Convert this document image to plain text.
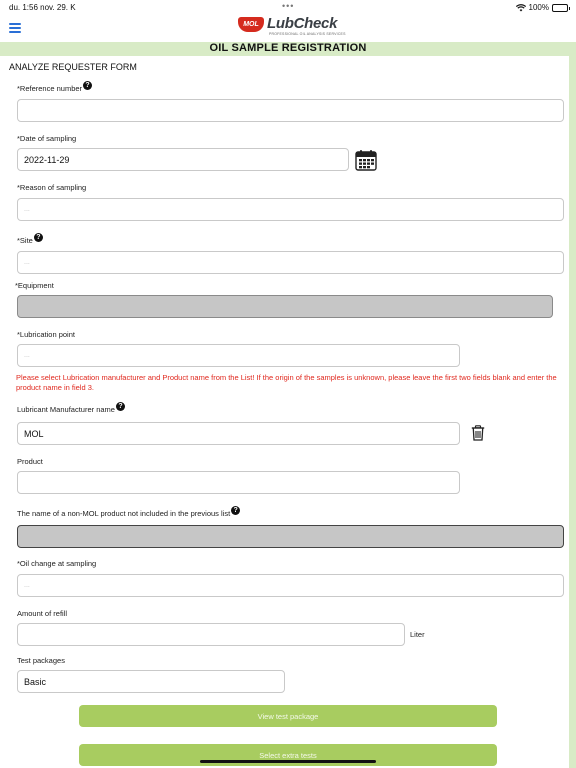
du. 1:56 nov. 29. K	•••	100%
MOL LubCheck
PROFESSIONAL OIL ANALYSIS SERVICES
OIL SAMPLE REGISTRATION
ANALYZE REQUESTER FORM
*Reference number ?
*Date of sampling
2022-11-29
*Reason of sampling
...
*Site ?
...
*Equipment
*Lubrication point
...
Please select Lubrication manufacturer and Product name from the List! If the origin of the samples is unknown, please leave the first two fields blank and enter the product name in field 3.
Lubricant Manufacturer name ?
MOL
Product
The name of a non-MOL product not included in the previous list ?
*Oil change at sampling
...
Amount of refill
Liter
Test packages
Basic
View test package
Select extra tests
